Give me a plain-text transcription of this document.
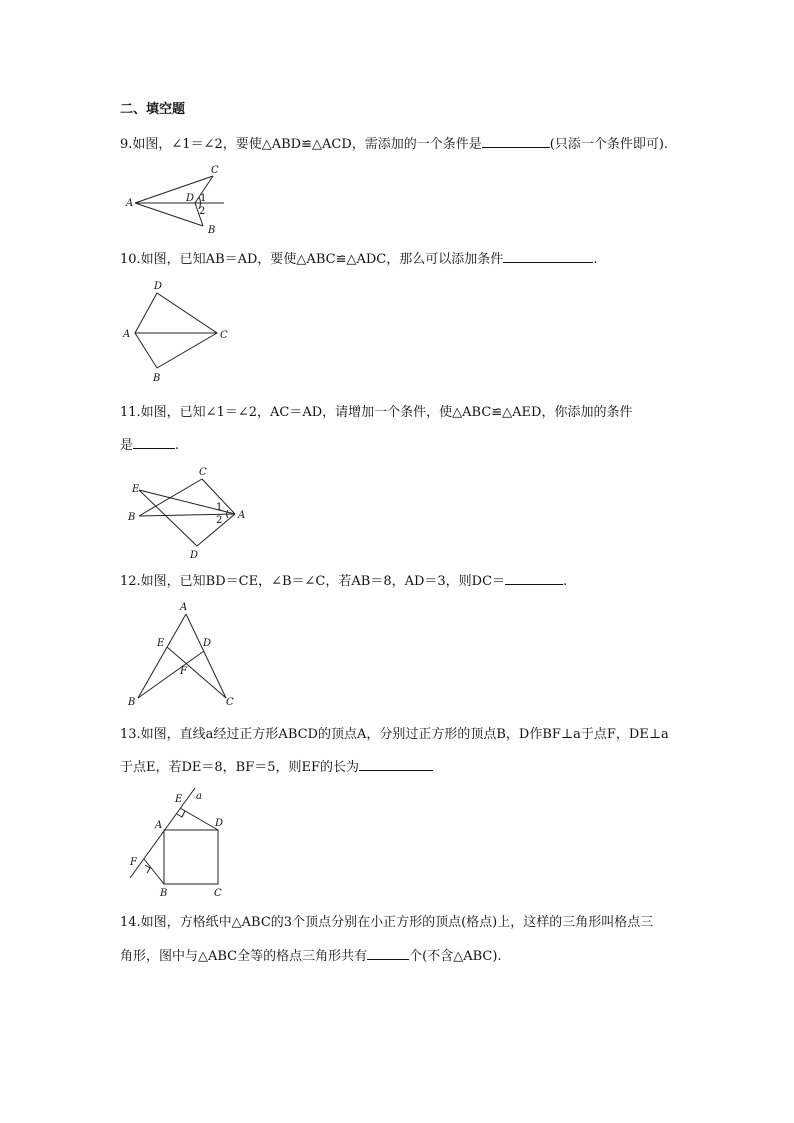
二、填空题
9.如图，∠1＝∠2，要使△ABD≌△ACD，需添加的一个条件是	(只添一个条件即可).
A
C
D
B
1
2
10.如图，已知AB＝AD，要使△ABC≌△ADC，那么可以添加条件	.
D
A	C
B
11.如图，已知∠1＝∠2，AC＝AD，请增加一个条件，使△ABC≌△AED，你添加的条件
是	.
C
E
B	A
D
1
2
12.如图，已知BD＝CE，∠B＝∠C，若AB＝8，AD＝3，则DC＝	.
A
E	D
F
B	C
13.如图，直线a经过正方形ABCD的顶点A，分别过正方形的顶点B，D作BF⊥a于点F，DE⊥a
于点E，若DE＝8，BF＝5，则EF的长为
E a
A	D
F
B	C
14.如图，方格纸中△ABC的3个顶点分别在小正方形的顶点(格点)上，这样的三角形叫格点三
角形，图中与△ABC全等的格点三角形共有	个(不含△ABC).
